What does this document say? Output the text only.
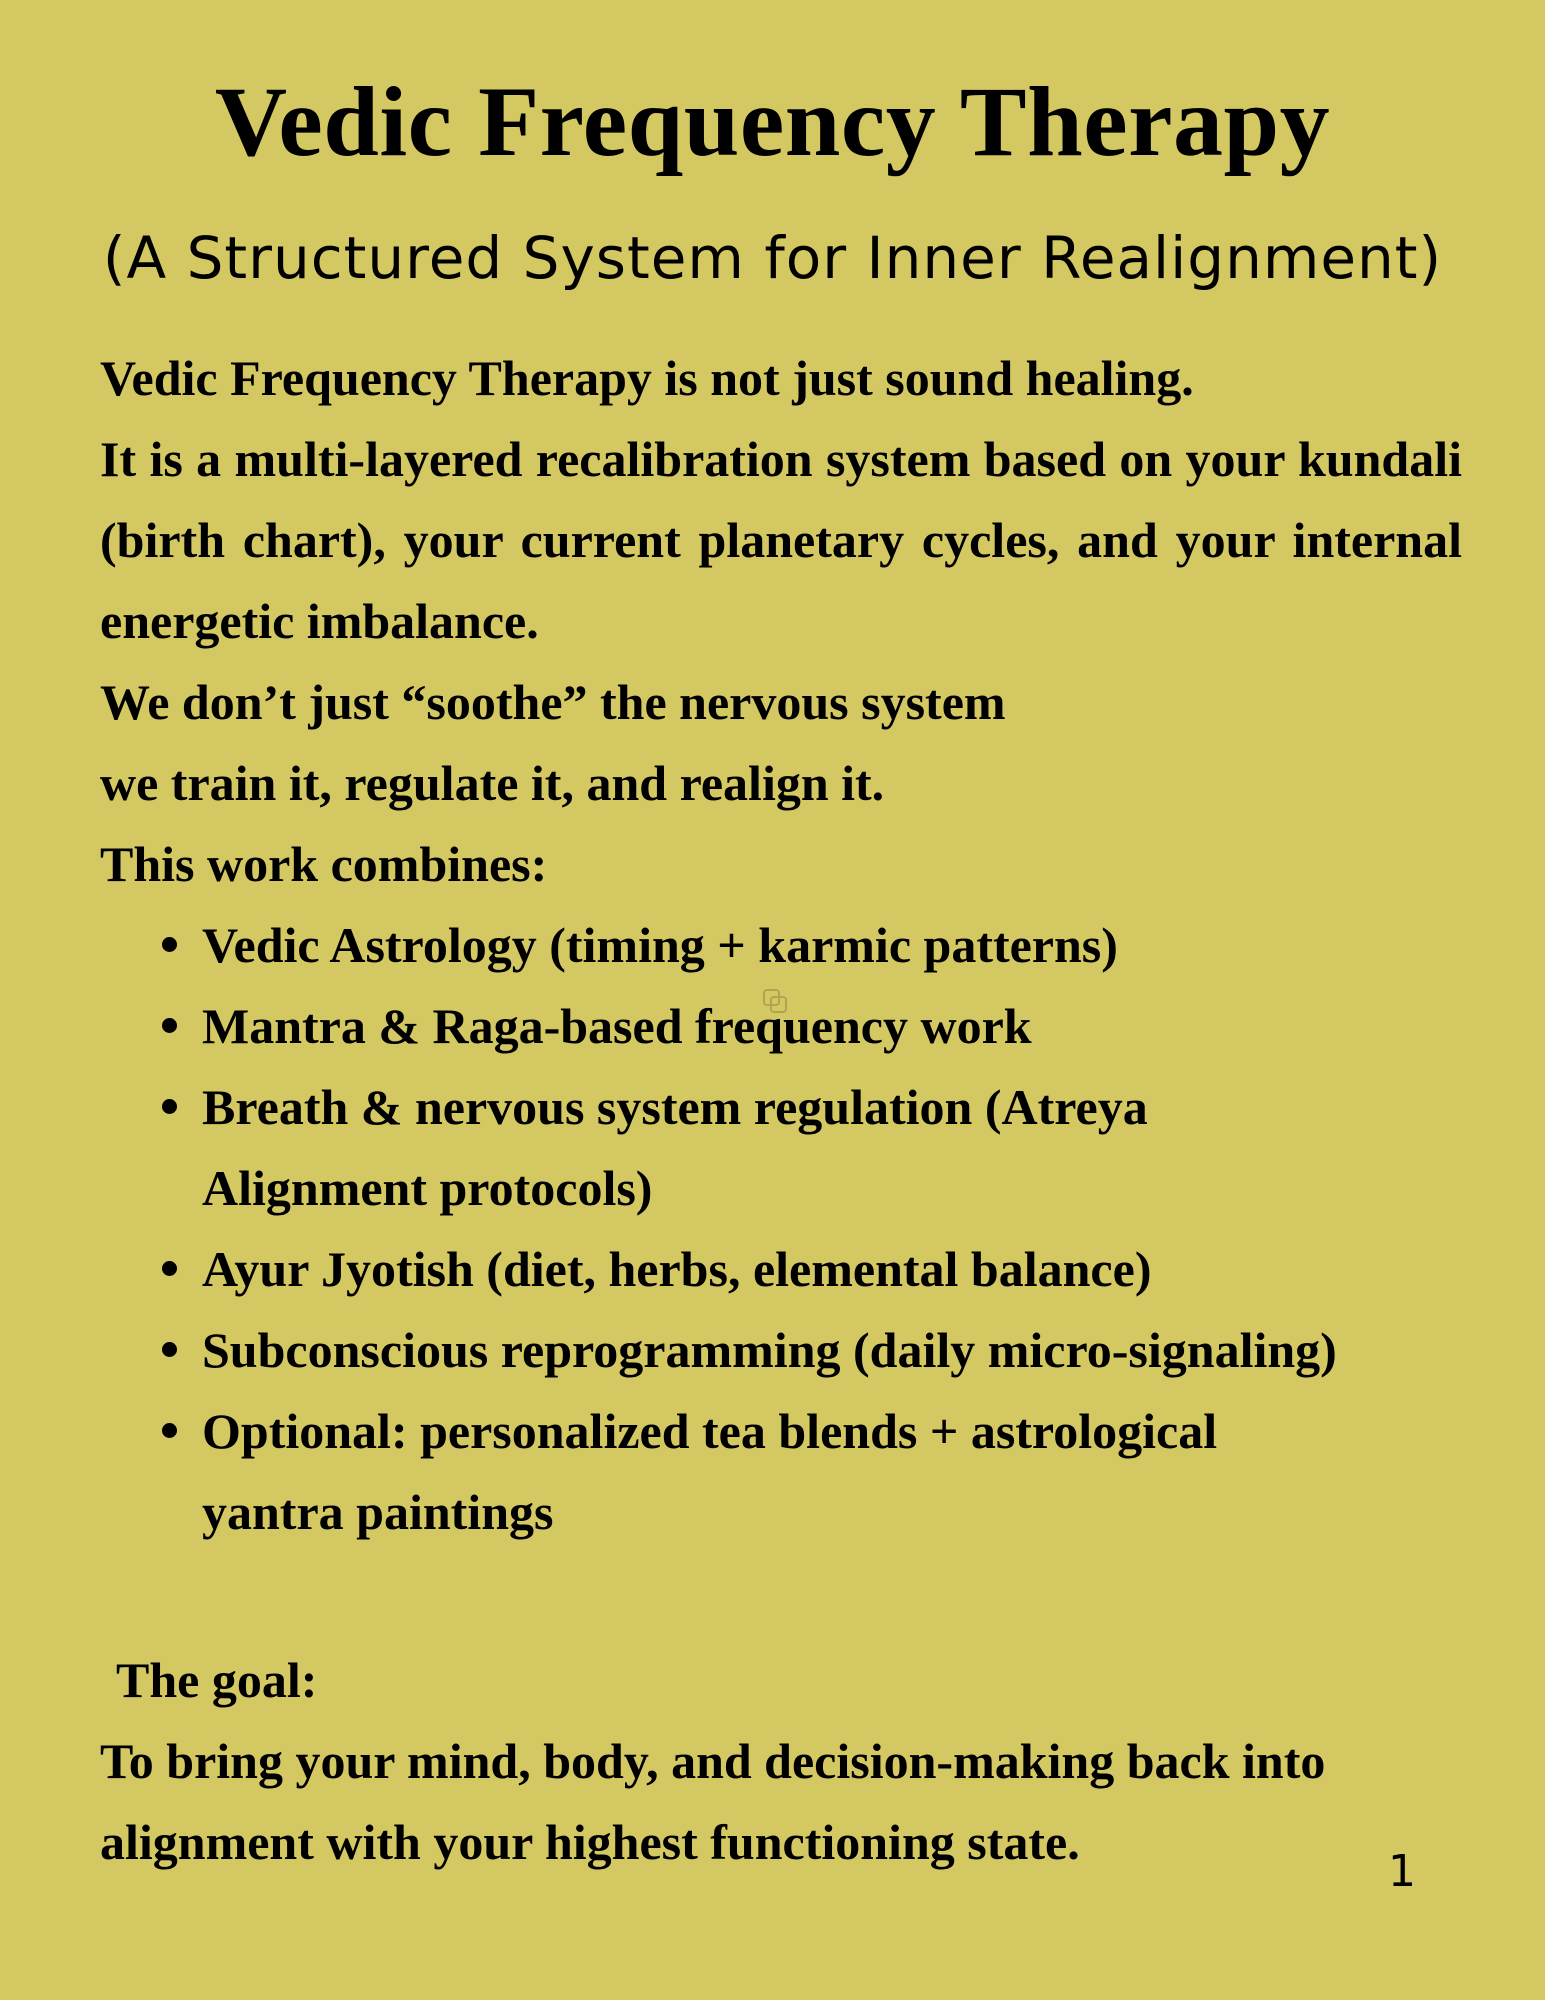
Vedic Frequency Therapy
(A Structured System for Inner Realignment)

Vedic Frequency Therapy is not just sound healing.

It is a multi-layered recalibration system based on your kundali (birth chart), your current planetary cycles, and your internal energetic imbalance.

We don’t just “soothe” the nervous system

we train it, regulate it, and realign it.

This work combines:

Vedic Astrology (timing + karmic patterns)
Mantra & Raga-based frequency work
Breath & nervous system regulation (Atreya Alignment protocols)
Ayur Jyotish (diet, herbs, elemental balance)
Subconscious reprogramming (daily micro-signaling)
Optional: personalized tea blends + astrological yantra paintings

The goal:

To bring your mind, body, and decision-making back into alignment with your highest functioning state.

1
